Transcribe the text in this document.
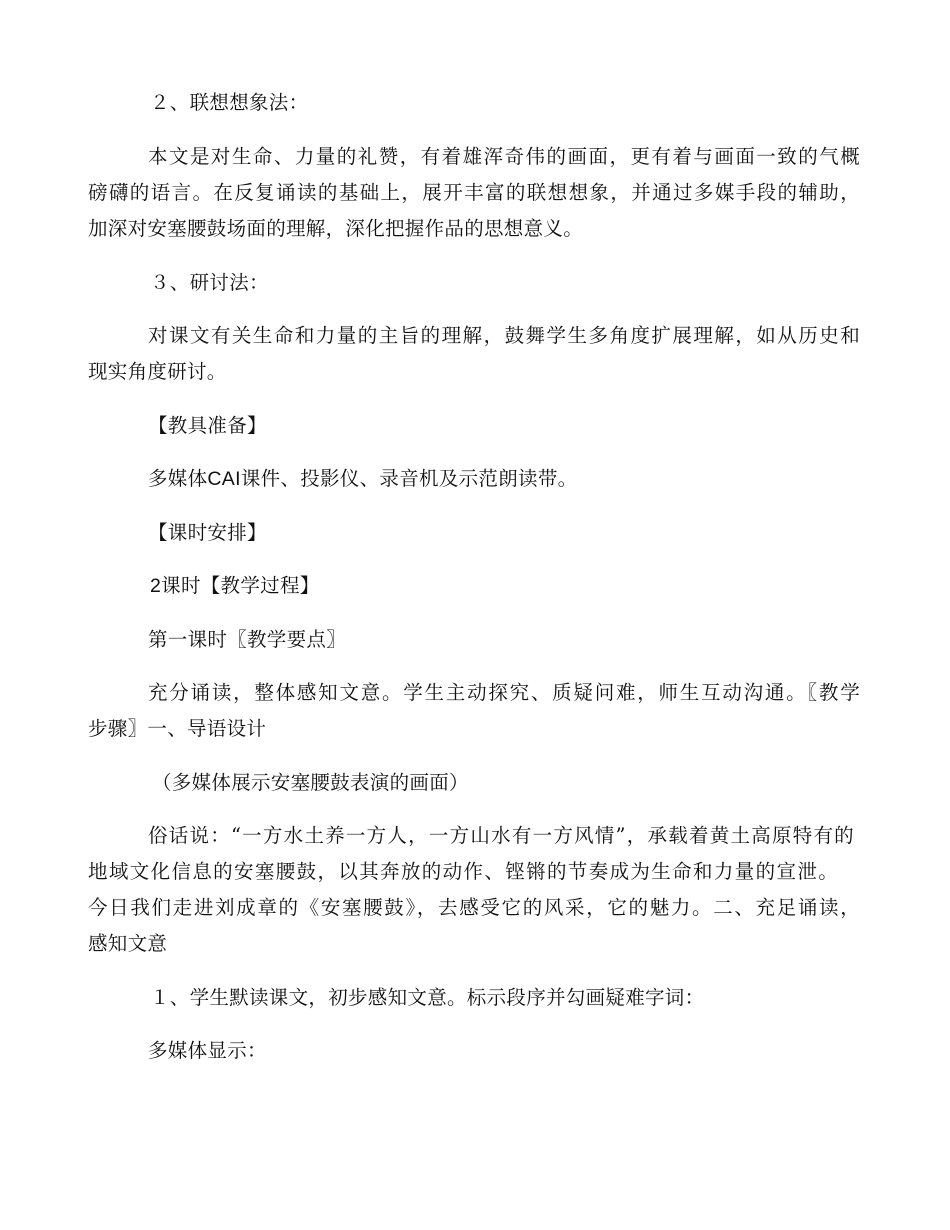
２、联想想象法：
本文是对生命、力量的礼赞，有着雄浑奇伟的画面，更有着与画面一致的气概
磅礴的语言。在反复诵读的基础上，展开丰富的联想想象，并通过多媒手段的辅助，
加深对安塞腰鼓场面的理解，深化把握作品的思想意义。
３、研讨法：
对课文有关生命和力量的主旨的理解，鼓舞学生多角度扩展理解，如从历史和
现实角度研讨。
【教具准备】
多媒体CAI课件、投影仪、录音机及示范朗读带。
【课时安排】
2课时【教学过程】
第一课时〖教学要点〗
充分诵读，整体感知文意。学生主动探究、质疑问难，师生互动沟通。〖教学
步骤〗一、导语设计
（多媒体展示安塞腰鼓表演的画面）
俗话说：“一方水土养一方人，一方山水有一方风情”，承载着黄土高原特有的
地域文化信息的安塞腰鼓，以其奔放的动作、铿锵的节奏成为生命和力量的宣泄。
今日我们走进刘成章的《安塞腰鼓》，去感受它的风采，它的魅力。二、充足诵读，
感知文意
１、学生默读课文，初步感知文意。标示段序并勾画疑难字词：
多媒体显示：
